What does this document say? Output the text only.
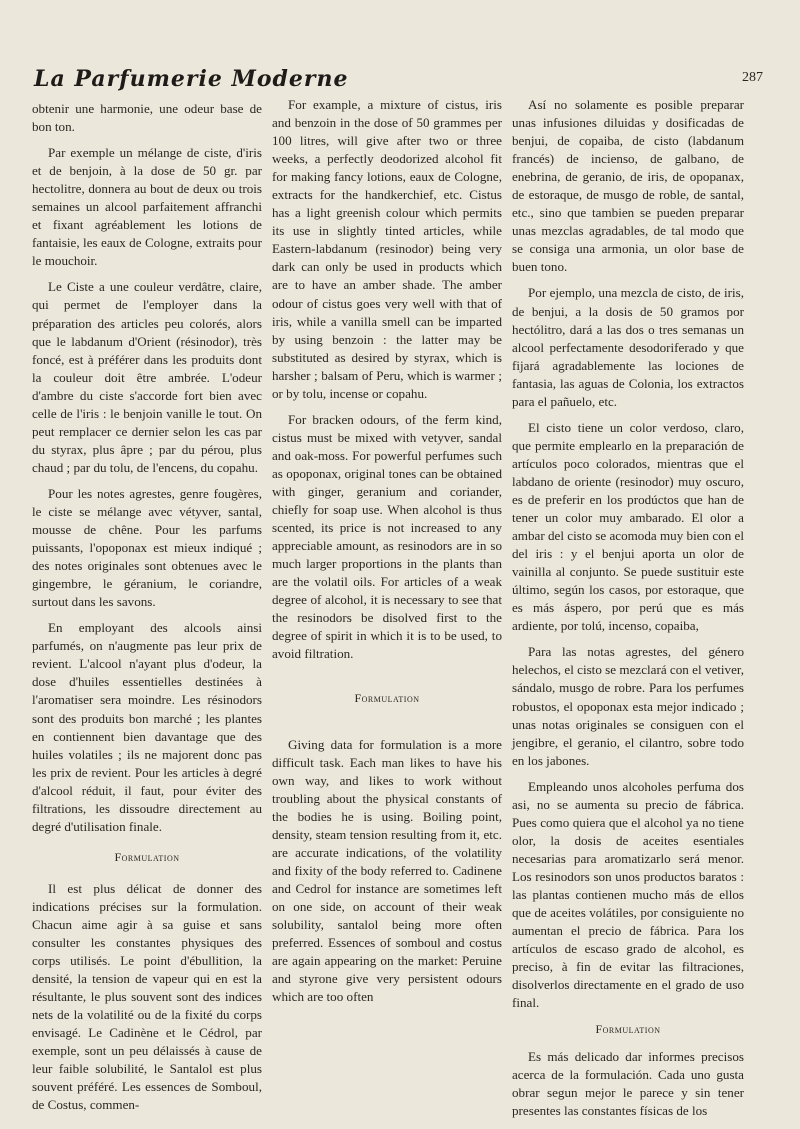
La Parfumerie Moderne	287

obtenir une harmonie, une odeur base de bon ton.

Par exemple un mélange de ciste, d'iris et de benjoin, à la dose de 50 gr. par hectolitre, donnera au bout de deux ou trois semaines un alcool parfaitement affranchi et fixant agréablement les lotions de fantaisie, les eaux de Cologne, extraits pour le mouchoir.

Le Ciste a une couleur verdâtre, claire, qui permet de l'employer dans la préparation des articles peu colorés, alors que le labdanum d'Orient (résinodor), très foncé, est à préférer dans les produits dont la couleur doit être ambrée. L'odeur d'ambre du ciste s'accorde fort bien avec celle de l'iris : le benjoin vanille le tout. On peut remplacer ce dernier selon les cas par du styrax, plus âpre ; par du pérou, plus chaud ; par du tolu, de l'encens, du copahu.

Pour les notes agrestes, genre fougères, le ciste se mélange avec vétyver, santal, mousse de chêne. Pour les parfums puissants, l'opoponax est mieux indiqué ; des notes originales sont obtenues avec le gingembre, le géranium, le coriandre, surtout dans les savons.

En employant des alcools ainsi parfumés, on n'augmente pas leur prix de revient. L'alcool n'ayant plus d'odeur, la dose d'huiles essentielles destinées à l'aromatiser sera moindre. Les résinodors sont des produits bon marché ; les plantes en contiennent bien davantage que des huiles volatiles ; ils ne majorent donc pas les prix de revient. Pour les articles à degré d'alcool réduit, il faut, pour éviter des filtrations, les dissoudre directement au degré d'utilisation finale.

Formulation

Il est plus délicat de donner des indications précises sur la formulation. Chacun aime agir à sa guise et sans consulter les constantes physiques des corps utilisés. Le point d'ébullition, la densité, la tension de vapeur qui en est la résultante, le plus souvent sont des indices nets de la volatilité ou de la fixité du corps envisagé. Le Cadinène et le Cédrol, par exemple, sont un peu délaissés à cause de leur faible solubilité, le Santalol est plus souvent préféré. Les essences de Somboul, de Costus, commen-

For example, a mixture of cistus, iris and benzoin in the dose of 50 grammes per 100 litres, will give after two or three weeks, a perfectly deodorized alcohol fit for making fancy lotions, eaux de Cologne, extracts for the handkerchief, etc. Cistus has a light greenish colour which permits its use in slightly tinted articles, while Eastern-labdanum (resinodor) being very dark can only be used in products which are to have an amber shade. The amber odour of cistus goes very well with that of iris, while a vanilla smell can be imparted by using benzoin : the latter may be substituted as desired by styrax, which is harsher ; balsam of Peru, which is warmer ; or by tolu, incense or copahu.

For bracken odours, of the ferm kind, cistus must be mixed with vetyver, sandal and oak-moss. For powerful perfumes such as opoponax, original tones can be obtained with ginger, geranium and coriander, chiefly for soap use. When alcohol is thus scented, its price is not increased to any appreciable amount, as resinodors are in so much larger proportions in the plants than are the volatil oils. For articles of a weak degree of alcohol, it is necessary to see that the resinodors be disolved first to the degree of spirit in which it is to be used, to avoid filtration.

Formulation

Giving data for formulation is a more difficult task. Each man likes to have his own way, and likes to work without troubling about the physical constants of the bodies he is using. Boiling point, density, steam tension resulting from it, etc. are accurate indications, of the volatility and fixity of the body referred to. Cadinene and Cedrol for instance are sometimes left on one side, on account of their weak solubility, santalol being more often preferred. Essences of somboul and costus are again appearing on the market: Peruine and styrone give very persistent odours which are too often

Así no solamente es posible preparar unas infusiones diluidas y dosificadas de benjui, de copaiba, de cisto (labdanum francés) de incienso, de galbano, de enebrina, de geranio, de iris, de opopanax, de estoraque, de musgo de roble, de santal, etc., sino que tambien se pueden preparar unas mezclas agradables, de tal modo que se consiga una armonia, un olor base de buen tono.

Por ejemplo, una mezcla de cisto, de iris, de benjui, a la dosis de 50 gramos por hectólitro, dará a las dos o tres semanas un alcool perfectamente desodoriferado y que fijará agradablemente las lociones de fantasia, las aguas de Colonia, los extractos para el pañuelo, etc.

El cisto tiene un color verdoso, claro, que permite emplearlo en la preparación de artículos poco colorados, mientras que el labdano de oriente (resinodor) muy oscuro, es de preferir en los prodúctos que han de tener un color muy ambarado. El olor a ambar del cisto se acomoda muy bien con el del iris : y el benjui aporta un olor de vainilla al conjunto. Se puede sustituir este último, según los casos, por estoraque, que es más áspero, por perú que es más ardiente, por tolú, incenso, copaiba,

Para las notas agrestes, del género helechos, el cisto se mezclará con el vetiver, sándalo, musgo de robre. Para los perfumes robustos, el opoponax esta mejor indicado ; unas notas originales se consiguen con el jengibre, el geranio, el cilantro, sobre todo en los jabones.

Empleando unos alcoholes perfuma dos asi, no se aumenta su precio de fábrica. Pues como quiera que el alcohol ya no tiene olor, la dosis de aceites esentiales necesarias para aromatizarlo será menor. Los resinodors son unos productos baratos : las plantas contienen mucho más de ellos que de aceites volátiles, por consiguiente no aumentan el precio de fábrica. Para los artículos de escaso grado de alcohol, es preciso, à fin de evitar las filtraciones, disolverlos directamente en el grado de uso final.

Formulation

Es más delicado dar informes precisos acerca de la formulación. Cada uno gusta obrar segun mejor le parece y sin tener presentes las constantes físicas de los
